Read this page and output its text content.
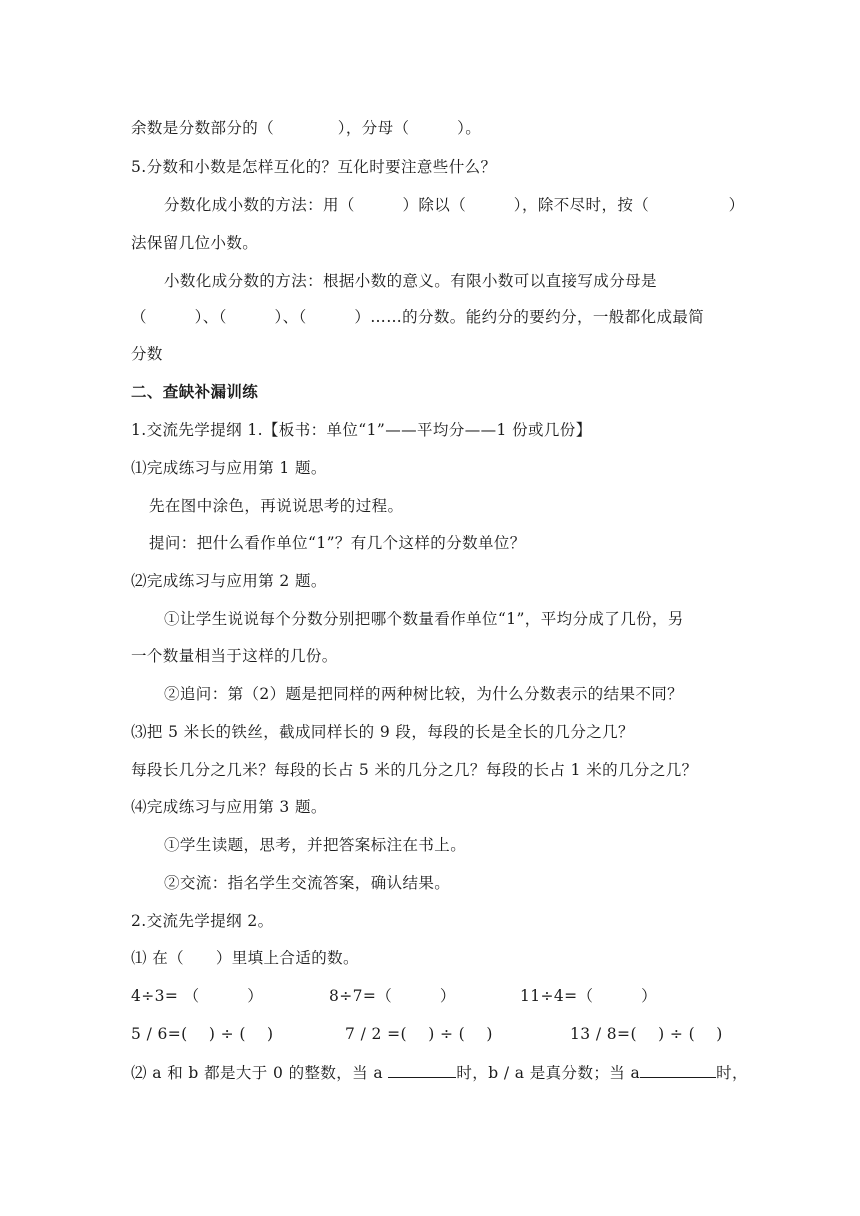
余数是分数部分的（　　　　），分母（　　　）。
5.分数和小数是怎样互化的？互化时要注意些什么？
分数化成小数的方法：用（　　　）除以（　　　），除不尽时，按（　　　　　）
法保留几位小数。
小数化成分数的方法：根据小数的意义。有限小数可以直接写成分母是
（　　　）、（　　　）、（　　　）……的分数。能约分的要约分，一般都化成最简
分数
二、查缺补漏训练
1.交流先学提纲 1.【板书：单位“1”——平均分——1 份或几份】
⑴完成练习与应用第 1 题。
先在图中涂色，再说说思考的过程。
提问：把什么看作单位“1”？有几个这样的分数单位？
⑵完成练习与应用第 2 题。
①让学生说说每个分数分别把哪个数量看作单位“1”，平均分成了几份，另
一个数量相当于这样的几份。
②追问：第（2）题是把同样的两种树比较，为什么分数表示的结果不同？
⑶把 5 米长的铁丝，截成同样长的 9 段，每段的长是全长的几分之几？
每段长几分之几米？每段的长占 5 米的几分之几？每段的长占 1 米的几分之几？
⑷完成练习与应用第 3 题。
①学生读题，思考，并把答案标注在书上。
②交流：指名学生交流答案，确认结果。
2.交流先学提纲 2。
⑴ 在（　　）里填上合适的数。
4÷3= （　　　）	8÷7=（　　　）	11÷4=（　　　）
5 / 6=(　 ) ÷ (　 )	7 / 2 =(　 ) ÷ (　 )	13 / 8=(　 ) ÷ (　 )
⑵ a 和 b 都是大于 0 的整数，当 a	时，b / a 是真分数；当 a	时，
